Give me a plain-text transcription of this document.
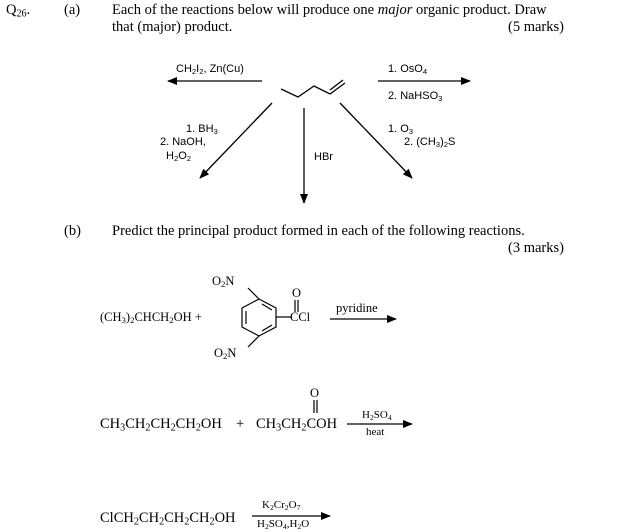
$Q_{26}$. (a) Each of the reactions below will produce one major organic product. Draw
that (major) product.	(5 marks)
$CH_2I_2$, Zn(Cu)	1. OsO$_4$
2. NaHSO$_3$
1. $BH_3$
2. NaOH,
$H_2O_2$	HBr
1. $O_3$
2. $(CH_3)_2S$
(b) Predict the principal product formed in each of the following reactions.
(3 marks)
$(CH_3)_2CHCH_2OH$ +
$O_2N$
$O_2N$
O
CCl
pyridine
$CH_3CH_2CH_2CH_2OH + CH_3CH_2COH$
O
$H_2SO_4$
heat
$ClCH_2CH_2CH_2CH_2OH$
$K_2Cr_2O_7$
$H_2SO_4,H_2O$
